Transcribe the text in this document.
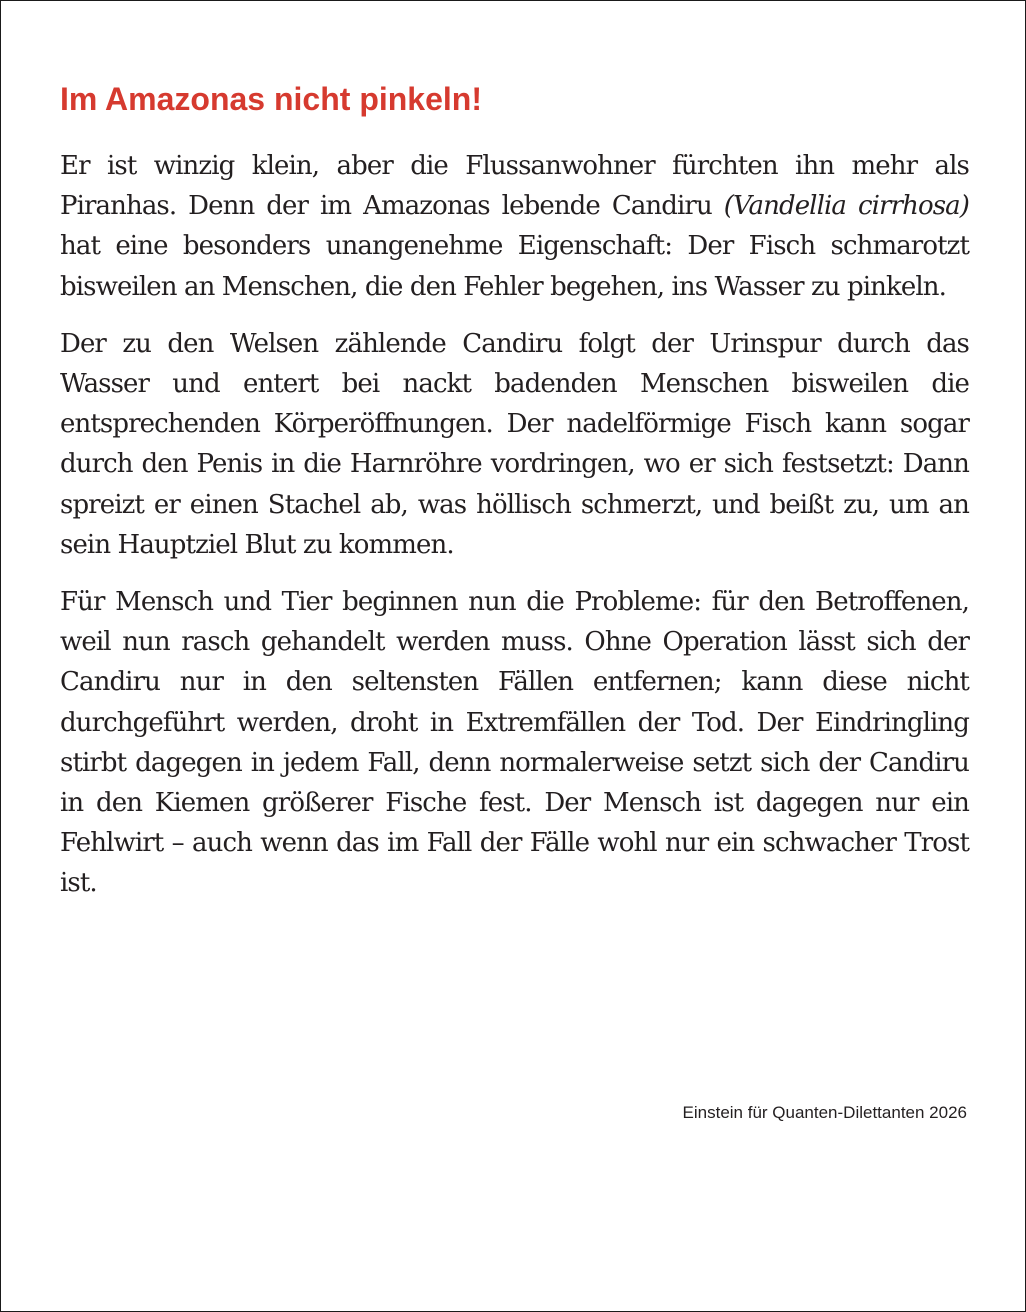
Im Amazonas nicht pinkeln!

Er ist winzig klein, aber die Flussanwohner fürchten ihn mehr als Piranhas. Denn der im Amazonas lebende Candiru (Vandellia cirrhosa) hat eine besonders unangenehme Eigenschaft: Der Fisch schmarotzt bisweilen an Menschen, die den Fehler begehen, ins Wasser zu pinkeln.

Der zu den Welsen zählende Candiru folgt der Urinspur durch das Wasser und entert bei nackt badenden Menschen bisweilen die entsprechenden Körperöffnungen. Der nadelförmige Fisch kann sogar durch den Penis in die Harnröhre vordringen, wo er sich festsetzt: Dann spreizt er einen Stachel ab, was höllisch schmerzt, und beißt zu, um an sein Hauptziel Blut zu kommen.

Für Mensch und Tier beginnen nun die Probleme: für den Betroffenen, weil nun rasch gehandelt werden muss. Ohne Operation lässt sich der Candiru nur in den seltensten Fällen entfernen; kann diese nicht durchgeführt werden, droht in Extremfällen der Tod. Der Eindringling stirbt dagegen in jedem Fall, denn normalerweise setzt sich der Candiru in den Kiemen größerer Fische fest. Der Mensch ist dagegen nur ein Fehlwirt – auch wenn das im Fall der Fälle wohl nur ein schwacher Trost ist.

Einstein für Quanten-Dilettanten 2026
